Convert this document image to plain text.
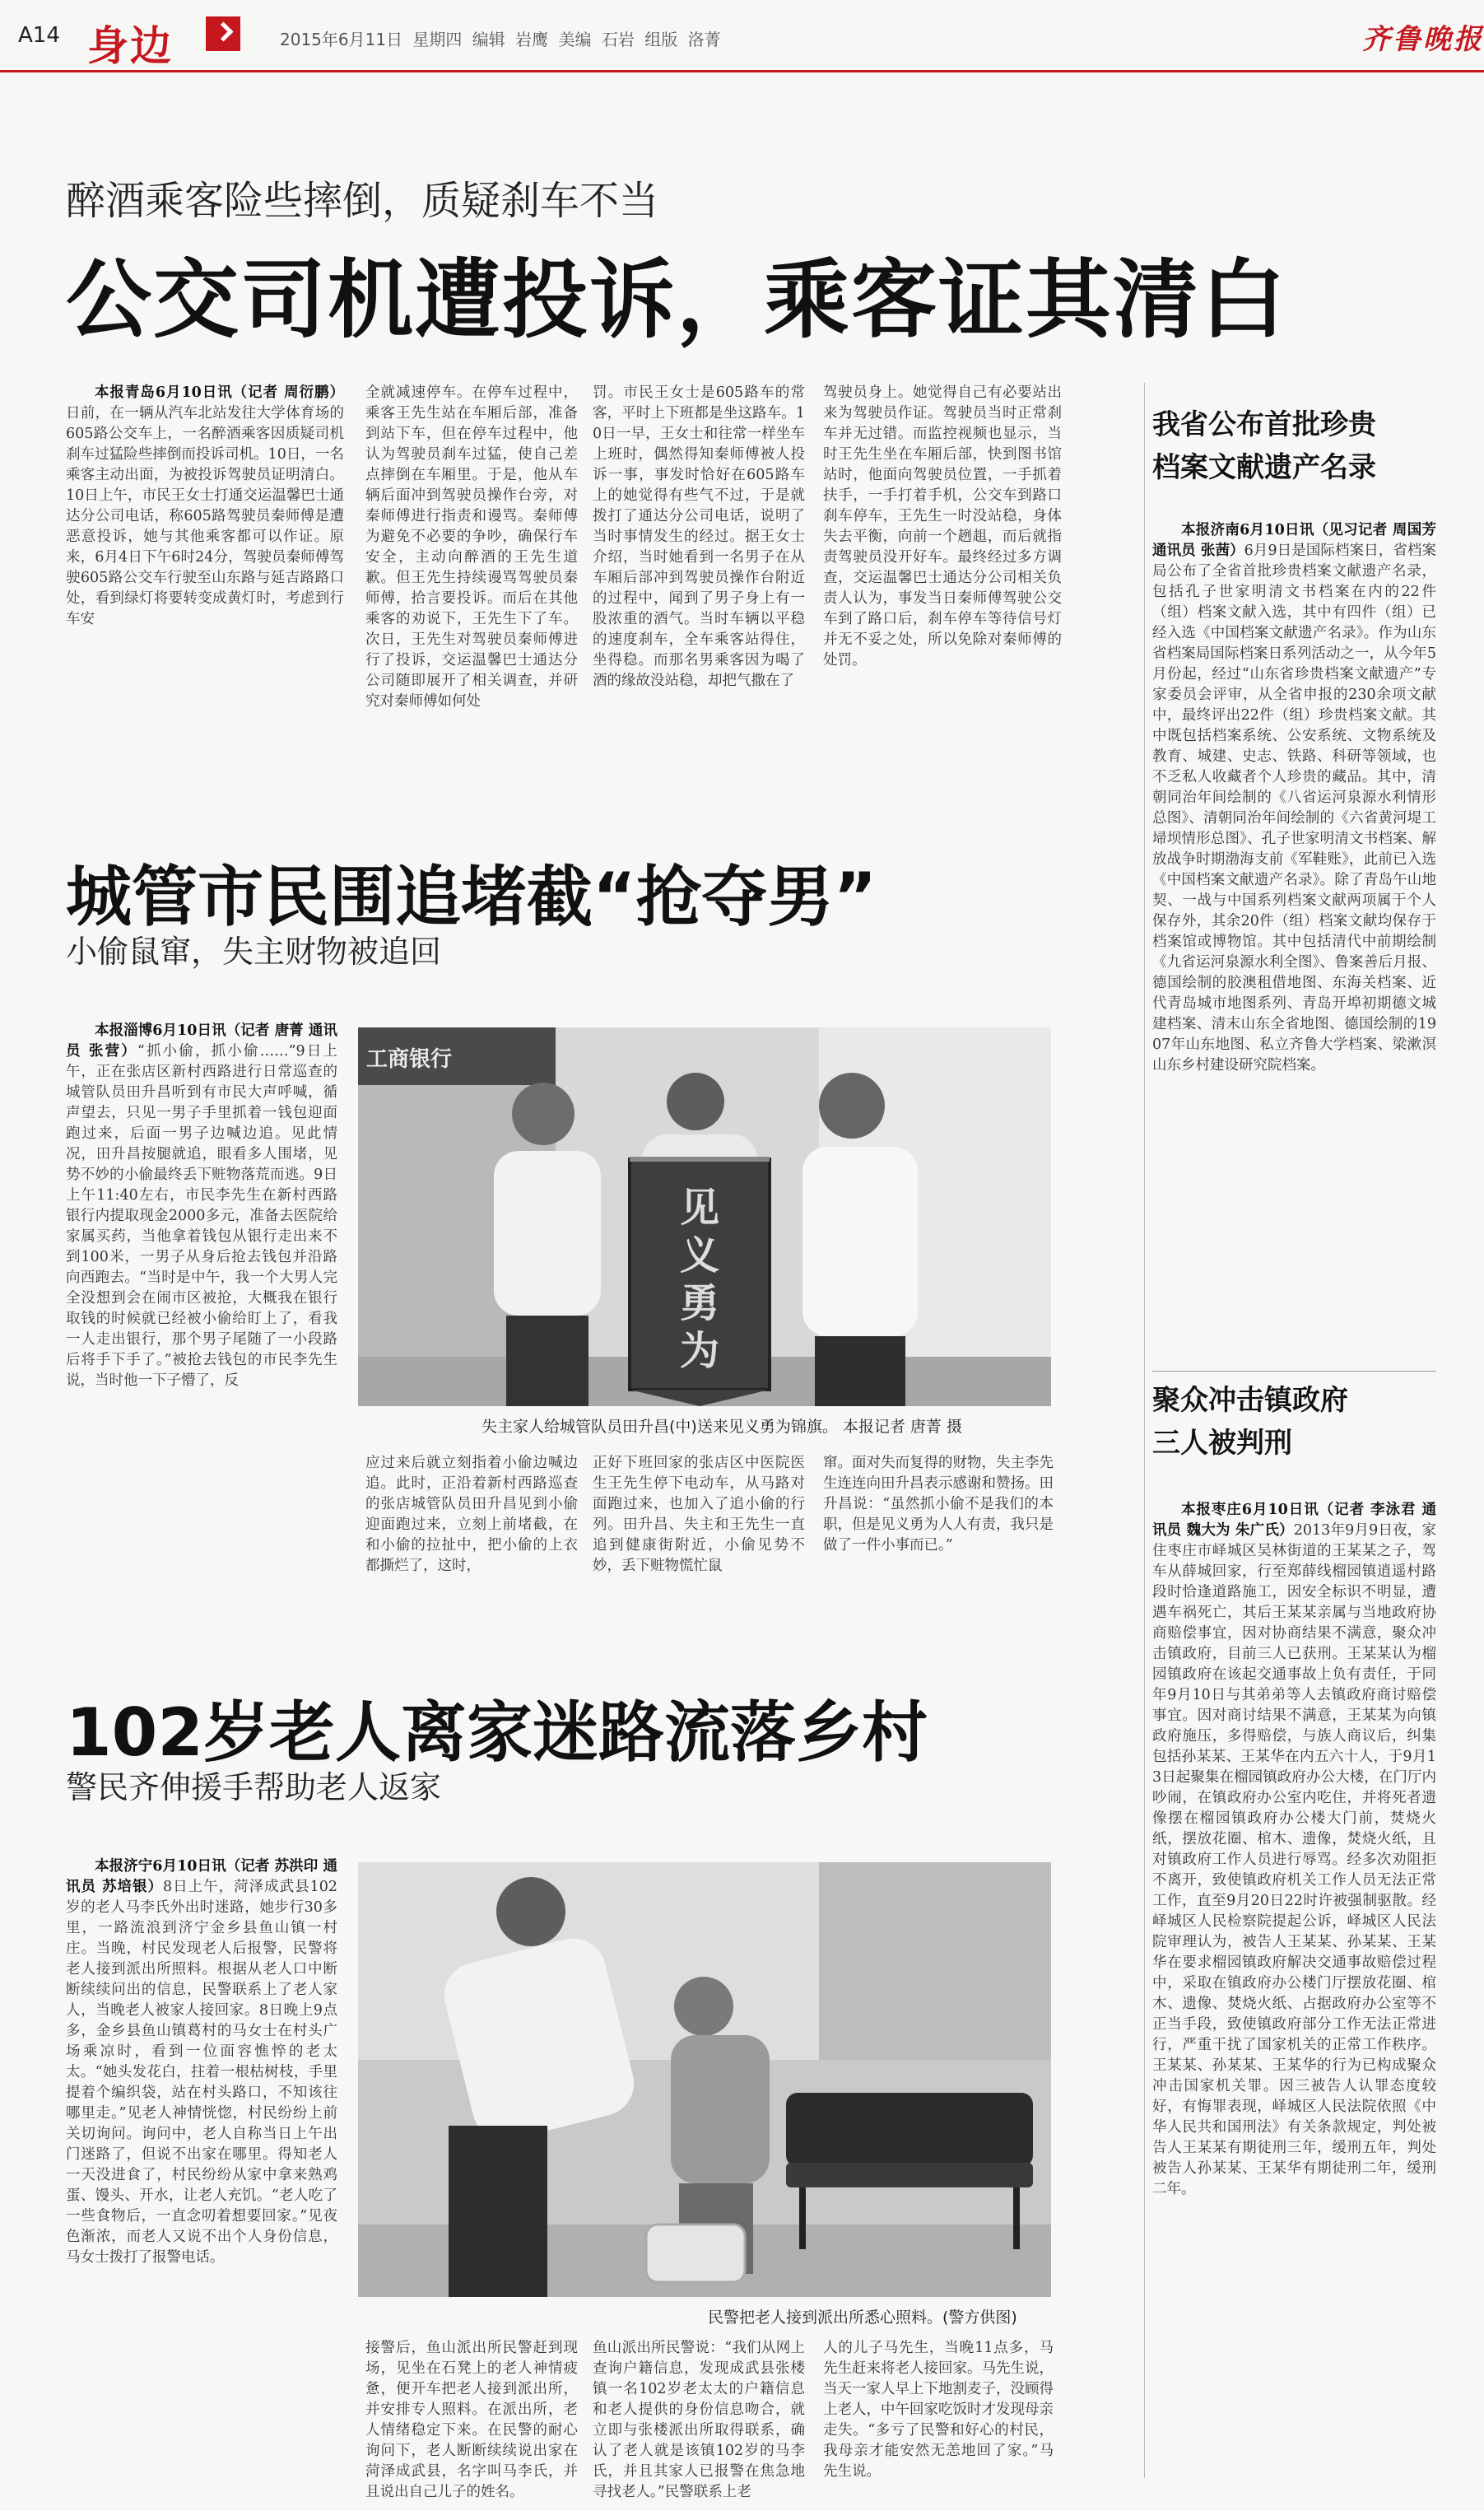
A14 身边	2015年6月11日 星期四 编辑 岩鹰 美编 石岩 组版 洛菁	齐鲁晚报
醉酒乘客险些摔倒，质疑刹车不当
公交司机遭投诉，乘客证其清白
本报青岛6月10日讯（记者 周衍鹏）日前，在一辆从汽车北站发往大学体育场的605路公交车上，一名醉酒乘客因质疑司机刹车过猛险些摔倒而投诉司机。10日，一名乘客主动出面，为被投诉驾驶员证明清白。10日上午，市民王女士打通交运温馨巴士通达分公司电话，称605路驾驶员秦师傅是遭恶意投诉，她与其他乘客都可以作证。原来，6月4日下午6时24分，驾驶员秦师傅驾驶605路公交车行驶至山东路与延吉路路口处，看到绿灯将要转变成黄灯时，考虑到行车安
全就减速停车。在停车过程中，乘客王先生站在车厢后部，准备到站下车，但在停车过程中，他认为驾驶员刹车过猛，使自己差点摔倒在车厢里。于是，他从车辆后面冲到驾驶员操作台旁，对秦师傅进行指责和谩骂。秦师傅为避免不必要的争吵，确保行车安全，主动向醉酒的王先生道歉。但王先生持续谩骂驾驶员秦师傅，拾言要投诉。而后在其他乘客的劝说下，王先生下了车。次日，王先生对驾驶员秦师傅进行了投诉，交运温馨巴士通达分公司随即展开了相关调查，并研究对秦师傅如何处
罚。市民王女士是605路车的常客，平时上下班都是坐这路车。10日一早，王女士和往常一样坐车上班时，偶然得知秦师傅被人投诉一事，事发时恰好在605路车上的她觉得有些气不过，于是就拨打了通达分公司电话，说明了当时事情发生的经过。据王女士介绍，当时她看到一名男子在从车厢后部冲到驾驶员操作台附近的过程中，闻到了男子身上有一股浓重的酒气。当时车辆以平稳的速度刹车，全车乘客站得住，坐得稳。而那名男乘客因为喝了酒的缘故没站稳，却把气撒在了
驾驶员身上。她觉得自己有必要站出来为驾驶员作证。驾驶员当时正常刹车并无过错。而监控视频也显示，当时王先生坐在车厢后部，快到图书馆站时，他面向驾驶员位置，一手抓着扶手，一手打着手机，公交车到路口刹车停车，王先生一时没站稳，身体失去平衡，向前一个趔趄，而后就指责驾驶员没开好车。最终经过多方调查，交运温馨巴士通达分公司相关负责人认为，事发当日秦师傅驾驶公交车到了路口后，刹车停车等待信号灯并无不妥之处，所以免除对秦师傅的处罚。
我省公布首批珍贵
档案文献遗产名录
本报济南6月10日讯（见习记者 周国芳 通讯员 张茜）6月9日是国际档案日，省档案局公布了全省首批珍贵档案文献遗产名录，包括孔子世家明清文书档案在内的22件（组）档案文献入选，其中有四件（组）已经入选《中国档案文献遗产名录》。作为山东省档案局国际档案日系列活动之一，从今年5月份起，经过“山东省珍贵档案文献遗产”专家委员会评审，从全省申报的230余项文献中，最终评出22件（组）珍贵档案文献。其中既包括档案系统、公安系统、文物系统及教育、城建、史志、铁路、科研等领域，也不乏私人收藏者个人珍贵的藏品。其中，清朝同治年间绘制的《八省运河泉源水利情形总图》、清朝同治年间绘制的《六省黄河堤工埽坝情形总图》、孔子世家明清文书档案、解放战争时期渤海支前《军鞋账》，此前已入选《中国档案文献遗产名录》。除了青岛午山地契、一战与中国系列档案文献两项属于个人保存外，其余20件（组）档案文献均保存于档案馆或博物馆。其中包括清代中前期绘制《九省运河泉源水利全图》、鲁案善后月报、德国绘制的胶澳租借地图、东海关档案、近代青岛城市地图系列、青岛开埠初期德文城建档案、清末山东全省地图、德国绘制的1907年山东地图、私立齐鲁大学档案、梁漱溟山东乡村建设研究院档案。
城管市民围追堵截“抢夺男”
小偷鼠窜，失主财物被追回
本报淄博6月10日讯（记者 唐菁 通讯员 张营）“抓小偷，抓小偷……”9日上午，正在张店区新村西路进行日常巡查的城管队员田升昌听到有市民大声呼喊，循声望去，只见一男子手里抓着一钱包迎面跑过来，后面一男子边喊边追。见此情况，田升昌按腿就追，眼看多人围堵，见势不妙的小偷最终丢下赃物落荒而逃。9日上午11:40左右，市民李先生在新村西路银行内提取现金2000多元，准备去医院给家属买药，当他拿着钱包从银行走出来不到100米，一男子从身后抢去钱包并沿路向西跑去。“当时是中午，我一个大男人完全没想到会在闹市区被抢，大概我在银行取钱的时候就已经被小偷给盯上了，看我一人走出银行，那个男子尾随了一小段路后将手下手了。”被抢去钱包的市民李先生说，当时他一下子懵了，反
见义勇为
工商银行
失主家人给城管队员田升昌(中)送来见义勇为锦旗。 本报记者 唐菁 摄
应过来后就立刻指着小偷边喊边追。此时，正沿着新村西路巡查的张店城管队员田升昌见到小偷迎面跑过来，立刻上前堵截，在和小偷的拉扯中，把小偷的上衣都撕烂了，这时，
正好下班回家的张店区中医院医生王先生停下电动车，从马路对面跑过来，也加入了追小偷的行列。田升昌、失主和王先生一直追到健康街附近，小偷见势不妙，丢下赃物慌忙鼠
窜。面对失而复得的财物，失主李先生连连向田升昌表示感谢和赞扬。田升昌说：“虽然抓小偷不是我们的本职，但是见义勇为人人有责，我只是做了一件小事而已。”
聚众冲击镇政府
三人被判刑
本报枣庄6月10日讯（记者 李泳君 通讯员 魏大为 朱广氏）2013年9月9日夜，家住枣庄市峄城区吴林街道的王某某之子，驾车从薛城回家，行至郑薛线榴园镇逍遥村路段时恰逢道路施工，因安全标识不明显，遭遇车祸死亡，其后王某某亲属与当地政府协商赔偿事宜，因对协商结果不满意，聚众冲击镇政府，目前三人已获刑。王某某认为榴园镇政府在该起交通事故上负有责任，于同年9月10日与其弟弟等人去镇政府商讨赔偿事宜。因对商讨结果不满意，王某某为向镇政府施压，多得赔偿，与族人商议后，纠集包括孙某某、王某华在内五六十人，于9月13日起聚集在榴园镇政府办公大楼，在门厅内吵闹，在镇政府办公室内吃住，并将死者遗像摆在榴园镇政府办公楼大门前，焚烧火纸，摆放花圈、棺木、遗像，焚烧火纸，且对镇政府工作人员进行辱骂。经多次劝阻拒不离开，致使镇政府机关工作人员无法正常工作，直至9月20日22时许被强制驱散。经峄城区人民检察院提起公诉，峄城区人民法院审理认为，被告人王某某、孙某某、王某华在要求榴园镇政府解决交通事故赔偿过程中，采取在镇政府办公楼门厅摆放花圈、棺木、遗像、焚烧火纸、占据政府办公室等不正当手段，致使镇政府部分工作无法正常进行，严重干扰了国家机关的正常工作秩序。王某某、孙某某、王某华的行为已构成聚众冲击国家机关罪。因三被告人认罪态度较好，有悔罪表现，峄城区人民法院依照《中华人民共和国刑法》有关条款规定，判处被告人王某某有期徒刑三年，缓刑五年，判处被告人孙某某、王某华有期徒刑二年，缓刑二年。
102岁老人离家迷路流落乡村
警民齐伸援手帮助老人返家
本报济宁6月10日讯（记者 苏洪印 通讯员 苏培银）8日上午，菏泽成武县102岁的老人马李氏外出时迷路，她步行30多里，一路流浪到济宁金乡县鱼山镇一村庄。当晚，村民发现老人后报警，民警将老人接到派出所照料。根据从老人口中断断续续问出的信息，民警联系上了老人家人，当晚老人被家人接回家。8日晚上9点多，金乡县鱼山镇葛村的马女士在村头广场乘凉时，看到一位面容憔悴的老太太。“她头发花白，拄着一根枯树枝，手里提着个编织袋，站在村头路口，不知该往哪里走。”见老人神情恍惚，村民纷纷上前关切询问。询问中，老人自称当日上午出门迷路了，但说不出家在哪里。得知老人一天没进食了，村民纷纷从家中拿来熟鸡蛋、馒头、开水，让老人充饥。“老人吃了一些食物后，一直念叨着想要回家。”见夜色渐浓，而老人又说不出个人身份信息，马女士拨打了报警电话。
民警把老人接到派出所悉心照料。(警方供图)
接警后，鱼山派出所民警赶到现场，见坐在石凳上的老人神情疲惫，便开车把老人接到派出所，并安排专人照料。在派出所，老人情绪稳定下来。在民警的耐心询问下，老人断断续续说出家在菏泽成武县，名字叫马李氏，并且说出自己儿子的姓名。
鱼山派出所民警说：“我们从网上查询户籍信息，发现成武县张楼镇一名102岁老太太的户籍信息和老人提供的身份信息吻合，就立即与张楼派出所取得联系，确认了老人就是该镇102岁的马李氏，并且其家人已报警在焦急地寻找老人。”民警联系上老
人的儿子马先生，当晚11点多，马先生赶来将老人接回家。马先生说，当天一家人早上下地割麦子，没顾得上老人，中午回家吃饭时才发现母亲走失。“多亏了民警和好心的村民，我母亲才能安然无恙地回了家。”马先生说。
